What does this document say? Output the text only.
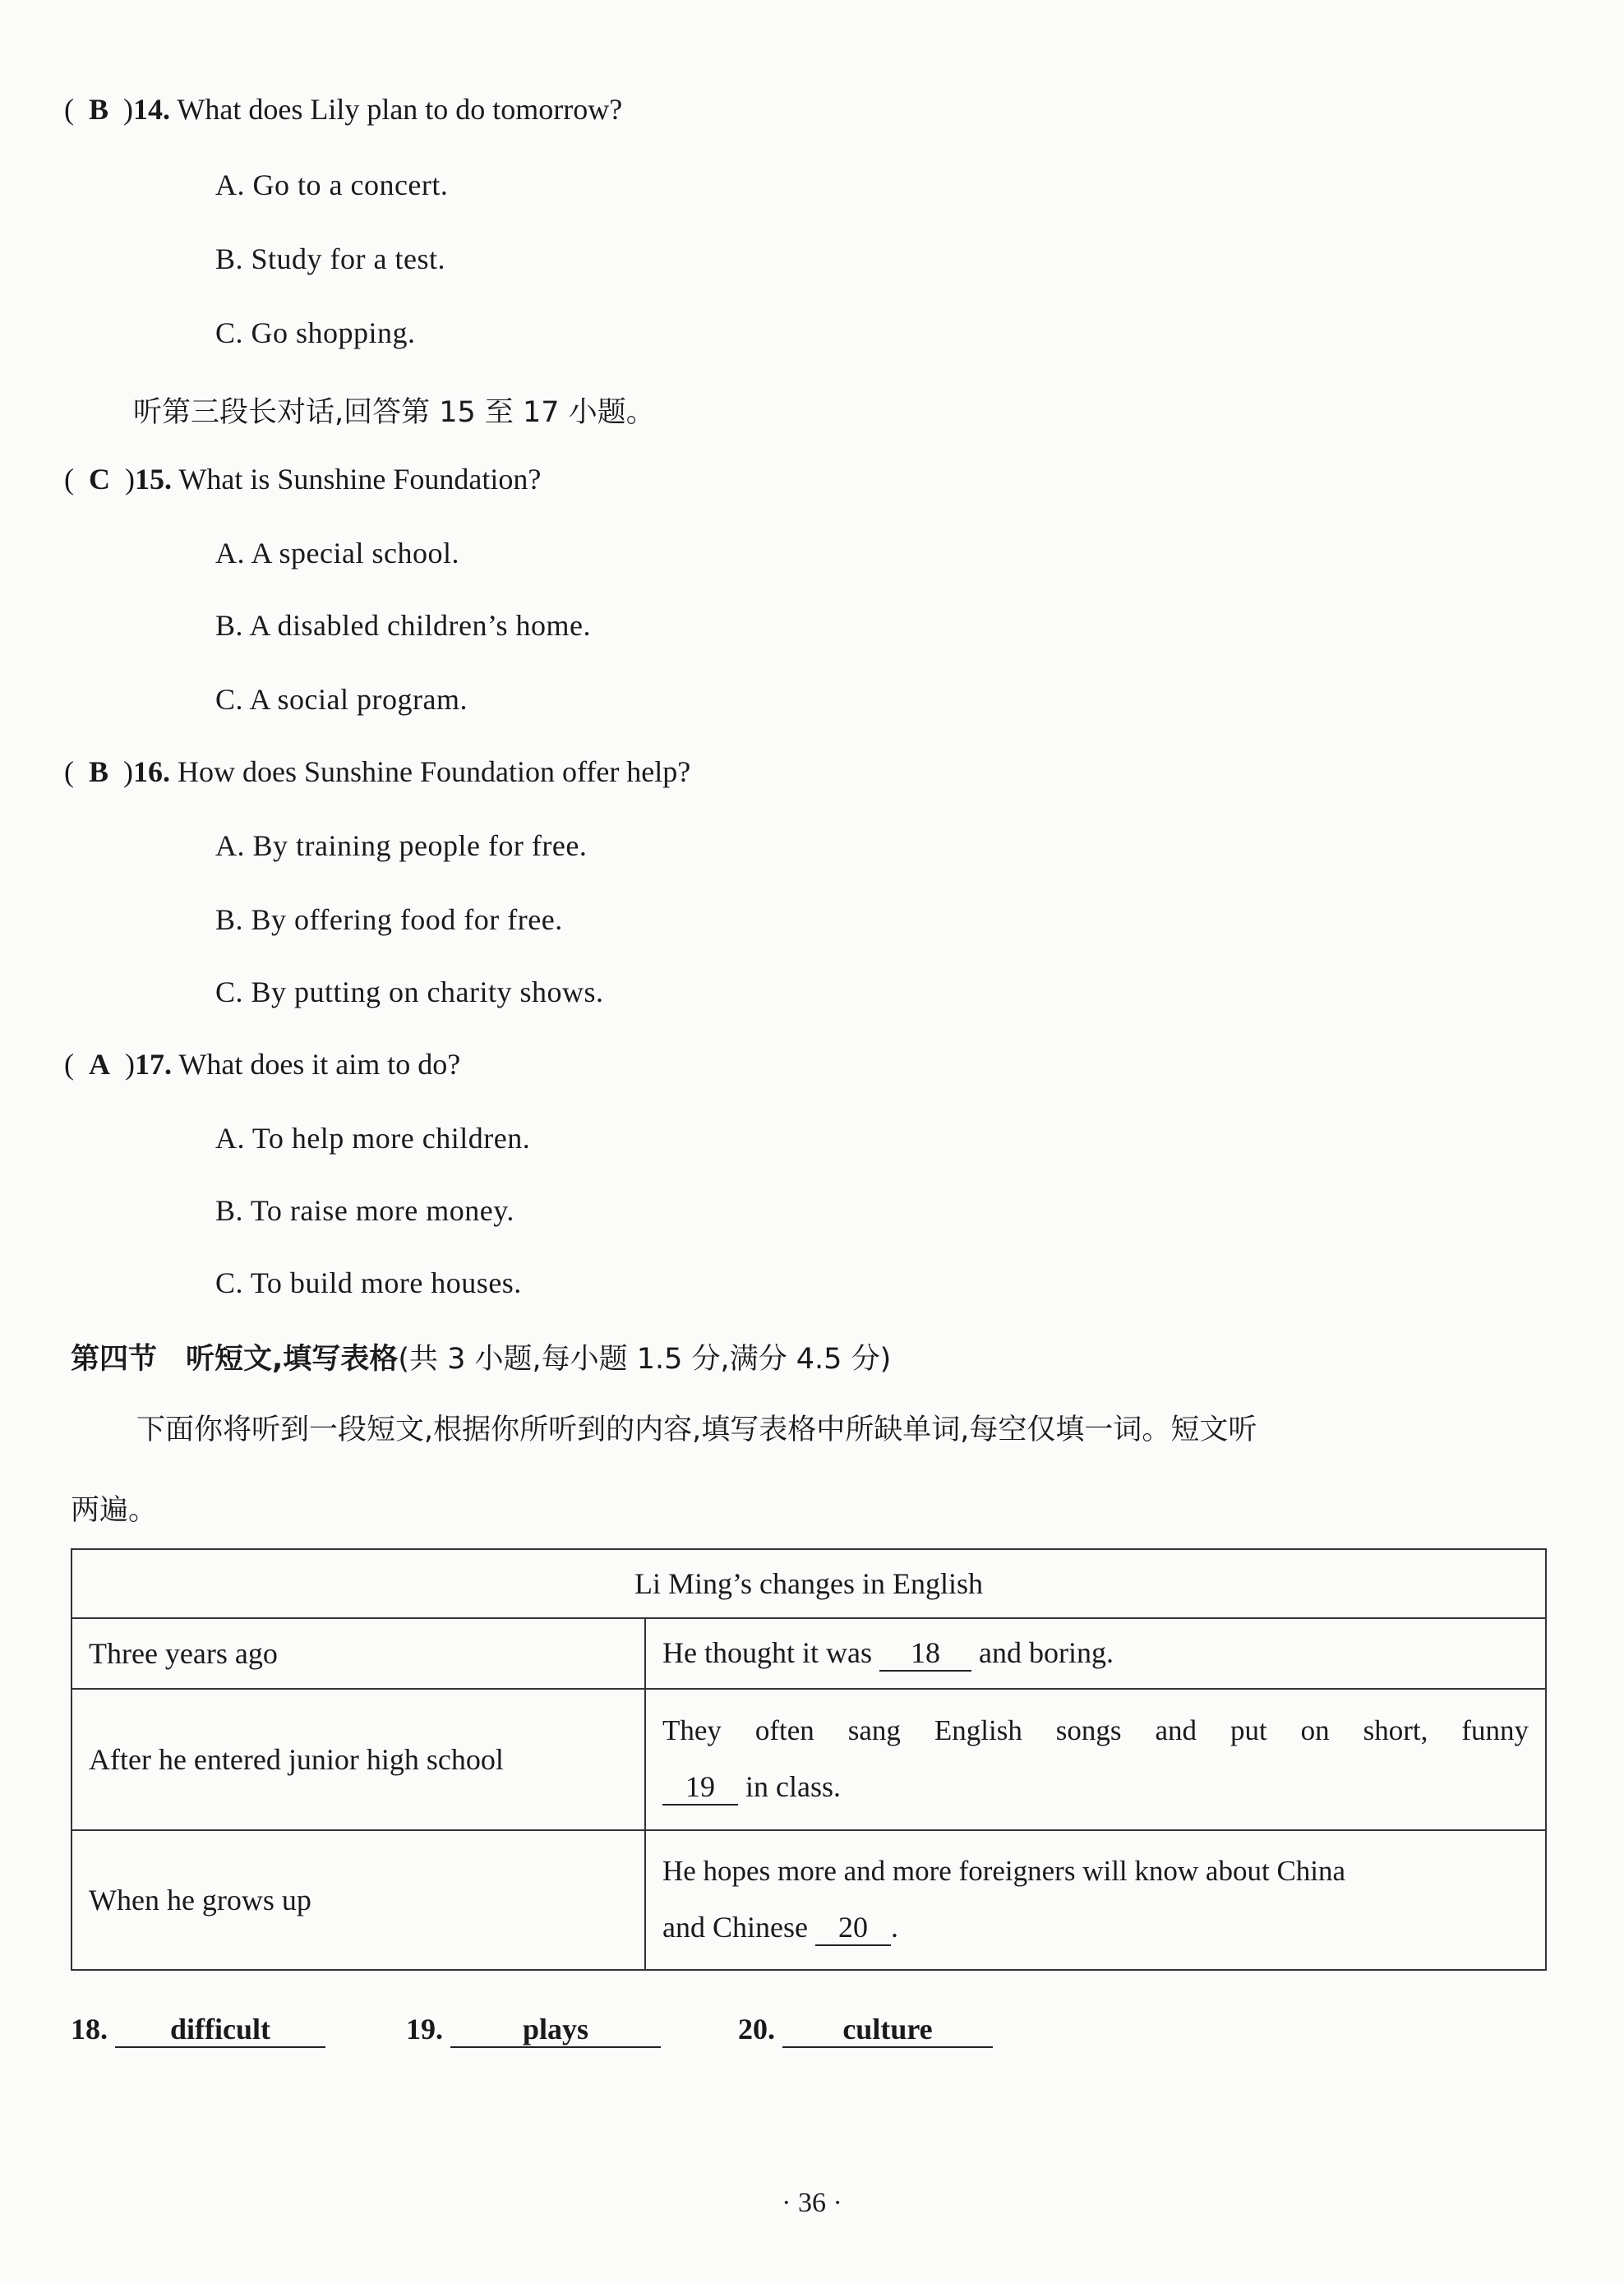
(  B  )14. What does Lily plan to do tomorrow?
A. Go to a concert.
B. Study for a test.
C. Go shopping.
听第三段长对话,回答第 15 至 17 小题。
(  C  )15. What is Sunshine Foundation?
A. A special school.
B. A disabled children’s home.
C. A social program.
(  B  )16. How does Sunshine Foundation offer help?
A. By training people for free.
B. By offering food for free.
C. By putting on charity shows.
(  A  )17. What does it aim to do?
A. To help more children.
B. To raise more money.
C. To build more houses.
第四节　听短文,填写表格(共 3 小题,每小题 1.5 分,满分 4.5 分)
下面你将听到一段短文,根据你所听到的内容,填写表格中所缺单词,每空仅填一词。短文听
两遍。
Li Ming’s changes in English	
Three years ago	He thought it was 18 and boring.
After he entered junior high school	They often sang English songs and put on short, funny
19 in class.

When he grows up	He hopes more and more foreigners will know about China
and Chinese 20 .
18. difficult	19.	plays	20. culture
· 36 ·
